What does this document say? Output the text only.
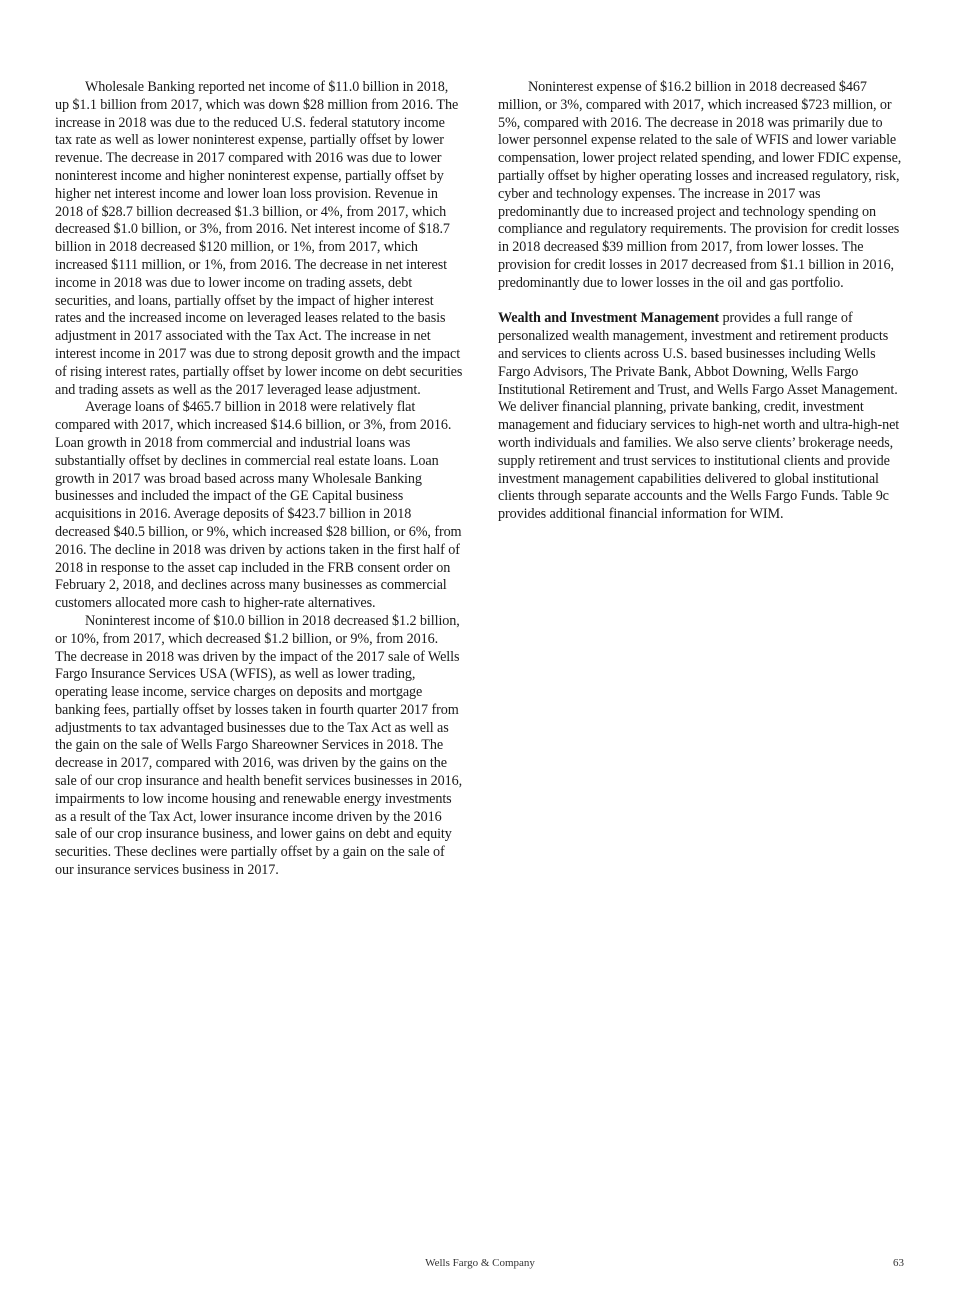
Wholesale Banking reported net income of $11.0 billion in 2018, up $1.1 billion from 2017, which was down $28 million from 2016. The increase in 2018 was due to the reduced U.S. federal statutory income tax rate as well as lower noninterest expense, partially offset by lower revenue. The decrease in 2017 compared with 2016 was due to lower noninterest income and higher noninterest expense, partially offset by higher net interest income and lower loan loss provision. Revenue in 2018 of $28.7 billion decreased $1.3 billion, or 4%, from 2017, which decreased $1.0 billion, or 3%, from 2016. Net interest income of $18.7 billion in 2018 decreased $120 million, or 1%, from 2017, which increased $111 million, or 1%, from 2016. The decrease in net interest income in 2018 was due to lower income on trading assets, debt securities, and loans, partially offset by the impact of higher interest rates and the increased income on leveraged leases related to the basis adjustment in 2017 associated with the Tax Act. The increase in net interest income in 2017 was due to strong deposit growth and the impact of rising interest rates, partially offset by lower income on debt securities and trading assets as well as the 2017 leveraged lease adjustment.

Average loans of $465.7 billion in 2018 were relatively flat compared with 2017, which increased $14.6 billion, or 3%, from 2016. Loan growth in 2018 from commercial and industrial loans was substantially offset by declines in commercial real estate loans. Loan growth in 2017 was broad based across many Wholesale Banking businesses and included the impact of the GE Capital business acquisitions in 2016. Average deposits of $423.7 billion in 2018 decreased $40.5 billion, or 9%, which increased $28 billion, or 6%, from 2016. The decline in 2018 was driven by actions taken in the first half of 2018 in response to the asset cap included in the FRB consent order on February 2, 2018, and declines across many businesses as commercial customers allocated more cash to higher-rate alternatives.

Noninterest income of $10.0 billion in 2018 decreased $1.2 billion, or 10%, from 2017, which decreased $1.2 billion, or 9%, from 2016. The decrease in 2018 was driven by the impact of the 2017 sale of Wells Fargo Insurance Services USA (WFIS), as well as lower trading, operating lease income, service charges on deposits and mortgage banking fees, partially offset by losses taken in fourth quarter 2017 from adjustments to tax advantaged businesses due to the Tax Act as well as the gain on the sale of Wells Fargo Shareowner Services in 2018. The decrease in 2017, compared with 2016, was driven by the gains on the sale of our crop insurance and health benefit services businesses in 2016, impairments to low income housing and renewable energy investments as a result of the Tax Act, lower insurance income driven by the 2016 sale of our crop insurance business, and lower gains on debt and equity securities. These declines were partially offset by a gain on the sale of our insurance services business in 2017.

Noninterest expense of $16.2 billion in 2018 decreased $467 million, or 3%, compared with 2017, which increased $723 million, or 5%, compared with 2016. The decrease in 2018 was primarily due to lower personnel expense related to the sale of WFIS and lower variable compensation, lower project related spending, and lower FDIC expense, partially offset by higher operating losses and increased regulatory, risk, cyber and technology expenses. The increase in 2017 was predominantly due to increased project and technology spending on compliance and regulatory requirements. The provision for credit losses in 2018 decreased $39 million from 2017, from lower losses. The provision for credit losses in 2017 decreased from $1.1 billion in 2016, predominantly due to lower losses in the oil and gas portfolio.

Wealth and Investment Management provides a full range of personalized wealth management, investment and retirement products and services to clients across U.S. based businesses including Wells Fargo Advisors, The Private Bank, Abbot Downing, Wells Fargo Institutional Retirement and Trust, and Wells Fargo Asset Management. We deliver financial planning, private banking, credit, investment management and fiduciary services to high-net worth and ultra-high-net worth individuals and families. We also serve clients’ brokerage needs, supply retirement and trust services to institutional clients and provide investment management capabilities delivered to global institutional clients through separate accounts and the Wells Fargo Funds. Table 9c provides additional financial information for WIM.

Wells Fargo & Company	63
